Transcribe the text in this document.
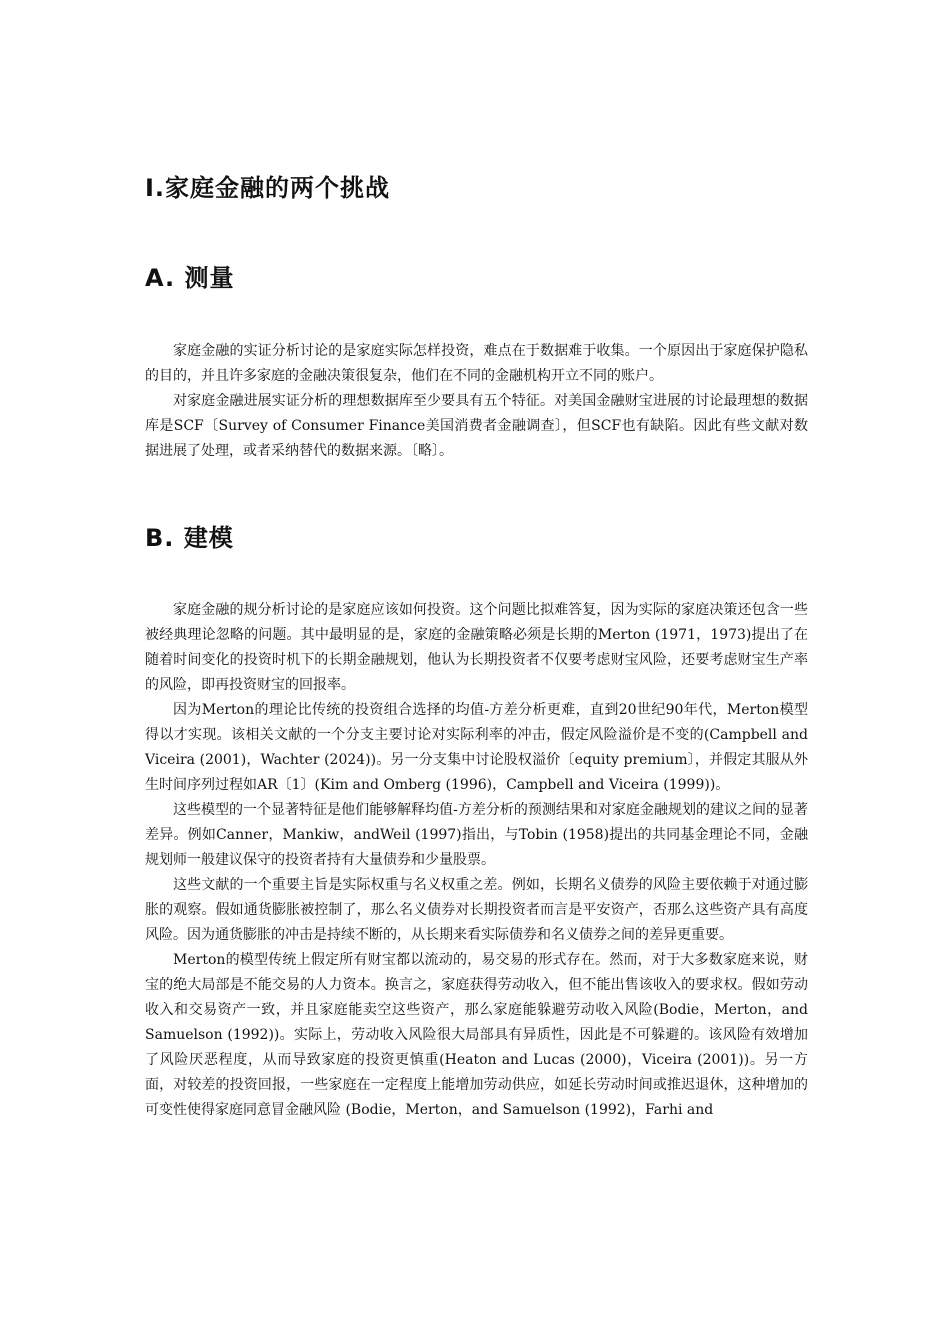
I.家庭金融的两个挑战
A. 测量

家庭金融的实证分析讨论的是家庭实际怎样投资，难点在于数据难于收集。一个原因出于家庭保护隐私的目的，并且许多家庭的金融决策很复杂，他们在不同的金融机构开立不同的账户。

对家庭金融进展实证分析的理想数据库至少要具有五个特征。对美国金融财宝进展的讨论最理想的数据库是SCF〔Survey of Consumer Finance美国消费者金融调查〕，但SCF也有缺陷。因此有些文献对数据进展了处理，或者采纳替代的数据来源。〔略〕。

B. 建模

家庭金融的规分析讨论的是家庭应该如何投资。这个问题比拟难答复，因为实际的家庭决策还包含一些被经典理论忽略的问题。其中最明显的是，家庭的金融策略必须是长期的Merton (1971，1973)提出了在随着时间变化的投资时机下的长期金融规划，他认为长期投资者不仅要考虑财宝风险，还要考虑财宝生产率的风险，即再投资财宝的回报率。

因为Merton的理论比传统的投资组合选择的均值-方差分析更难，直到20世纪90年代，Merton模型得以才实现。该相关文献的一个分支主要讨论对实际利率的冲击，假定风险溢价是不变的(Campbell and Viceira (2001)，Wachter (2024))。另一分支集中讨论股权溢价〔equity premium〕，并假定其服从外生时间序列过程如AR〔1〕(Kim and Omberg (1996)，Campbell and Viceira (1999))。

这些模型的一个显著特征是他们能够解释均值-方差分析的预测结果和对家庭金融规划的建议之间的显著差异。例如Canner，Mankiw，andWeil (1997)指出，与Tobin (1958)提出的共同基金理论不同，金融规划师一般建议保守的投资者持有大量债券和少量股票。

这些文献的一个重要主旨是实际权重与名义权重之差。例如，长期名义债券的风险主要依赖于对通过膨胀的观察。假如通货膨胀被控制了，那么名义债券对长期投资者而言是平安资产，否那么这些资产具有高度风险。因为通货膨胀的冲击是持续不断的，从长期来看实际债券和名义债券之间的差异更重要。

Merton的模型传统上假定所有财宝都以流动的，易交易的形式存在。然而，对于大多数家庭来说，财宝的绝大局部是不能交易的人力资本。换言之，家庭获得劳动收入，但不能出售该收入的要求权。假如劳动收入和交易资产一致，并且家庭能卖空这些资产，那么家庭能躲避劳动收入风险(Bodie，Merton，and Samuelson (1992))。实际上，劳动收入风险很大局部具有异质性，因此是不可躲避的。该风险有效增加了风险厌恶程度，从而导致家庭的投资更慎重(Heaton and Lucas (2000)，Viceira (2001))。另一方面，对较差的投资回报，一些家庭在一定程度上能增加劳动供应，如延长劳动时间或推迟退休，这种增加的可变性使得家庭同意冒金融风险 (Bodie，Merton，and Samuelson (1992)，Farhi and
